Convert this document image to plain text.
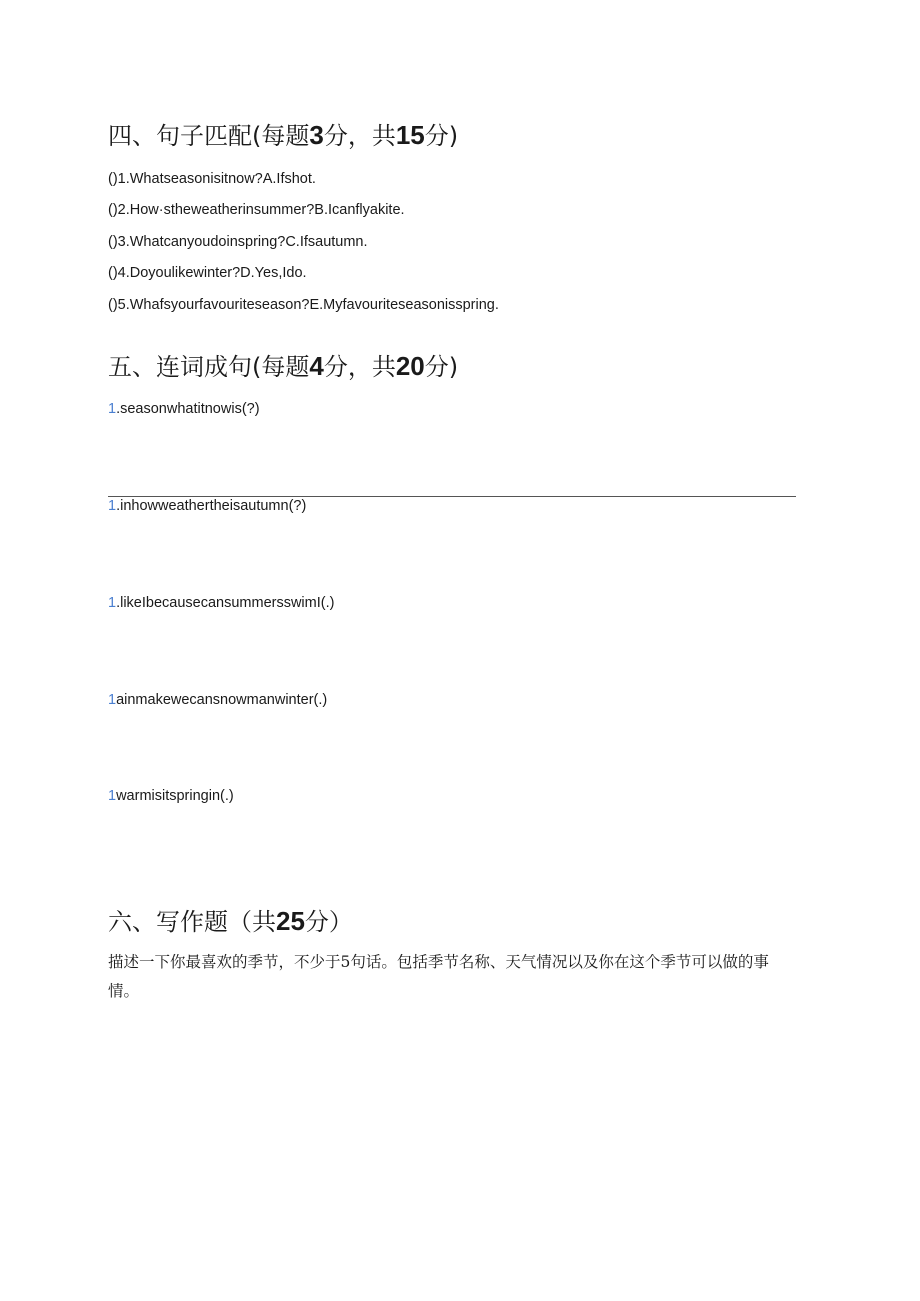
四、句子匹配(每题3分，共15分)

()1.Whatseasonisitnow?A.Ifshot.

()2.How·stheweatherinsummer?B.Icanflyakite.

()3.Whatcanyoudoinspring?C.Ifsautumn.

()4.Doyoulikewinter?D.Yes,Ido.

()5.Whafsyourfavouriteseason?E.Myfavouriteseasonisspring.

五、连词成句(每题4分，共20分)

1.seasonwhatitnowis(?)

1.inhowweathertheisautumn(?)

1.likeIbecausecansummersswimI(.)

1ainmakewecansnowmanwinter(.)

1warmisitspringin(.)

六、写作题（共25分）

描述一下你最喜欢的季节，不少于5句话。包括季节名称、天气情况以及你在这个季节可以做的事情。
